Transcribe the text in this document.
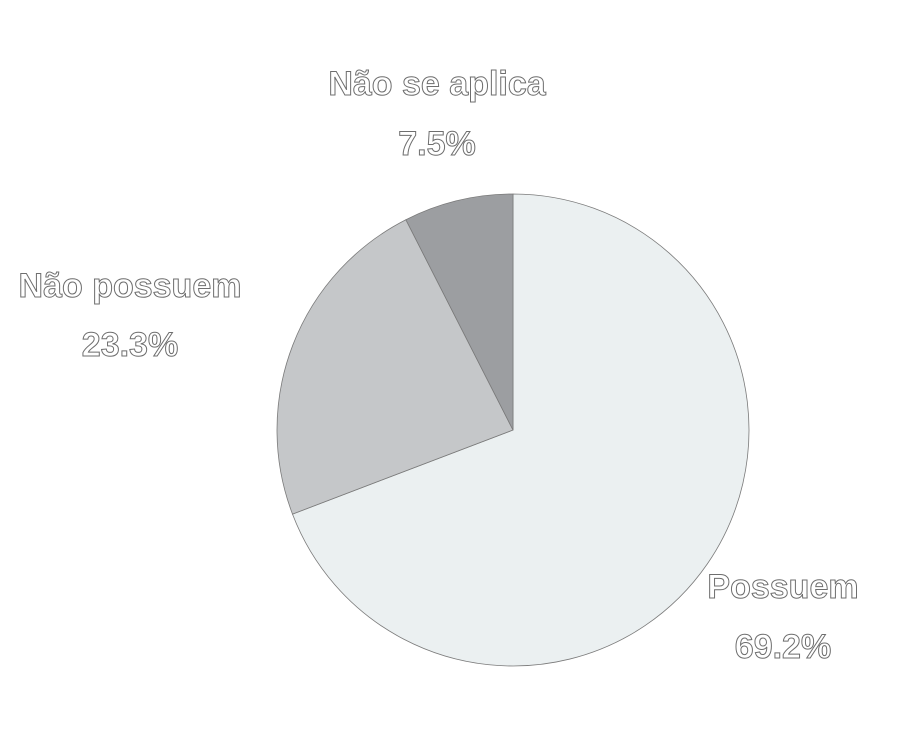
Possuem
69.2%
Não possuem
23.3%
Não se aplica
7.5%
